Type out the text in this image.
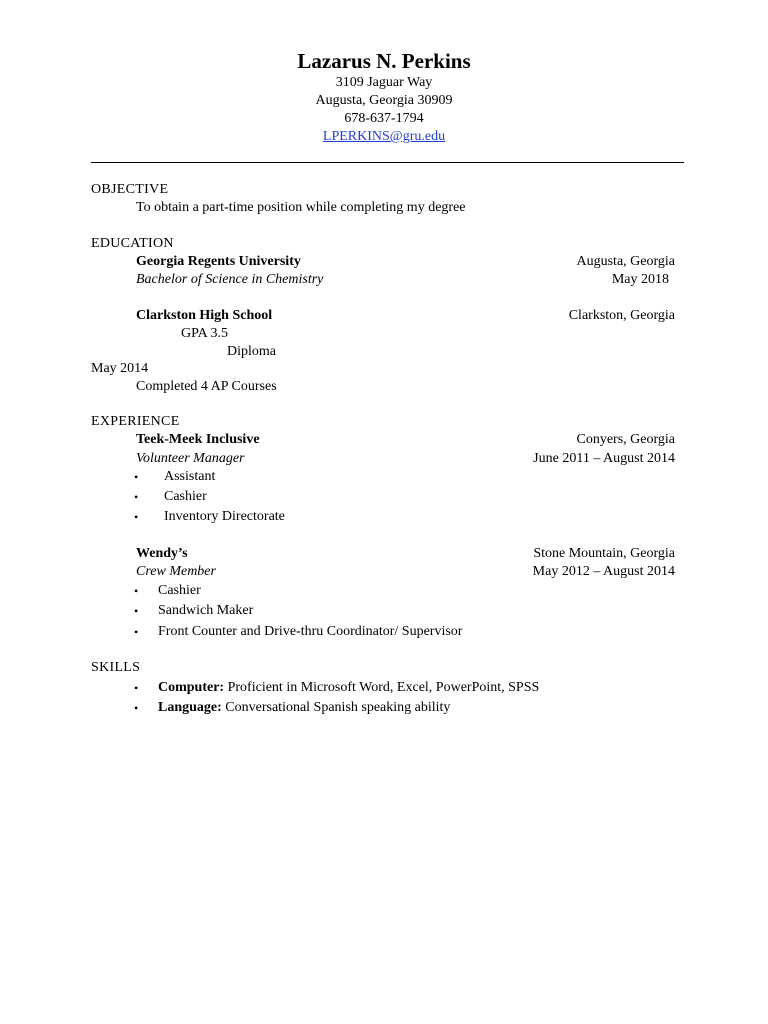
Lazarus N. Perkins
3109 Jaguar Way
Augusta, Georgia 30909
678-637-1794
LPERKINS@gru.edu
OBJECTIVE
To obtain a part-time position while completing my degree
EDUCATION
Georgia Regents University	Augusta, Georgia
Bachelor of Science in Chemistry	May 2018
Clarkston High School	Clarkston, Georgia
GPA 3.5
Diploma
May 2014
Completed 4 AP Courses
EXPERIENCE
Teek-Meek Inclusive	Conyers, Georgia
Volunteer Manager	June 2011 – August 2014
• Assistant
• Cashier
• Inventory Directorate
Wendy’s	Stone Mountain, Georgia
Crew Member	May 2012 – August 2014
• Cashier
• Sandwich Maker
• Front Counter and Drive-thru Coordinator/ Supervisor
SKILLS
• Computer: Proficient in Microsoft Word, Excel, PowerPoint, SPSS
• Language: Conversational Spanish speaking ability
